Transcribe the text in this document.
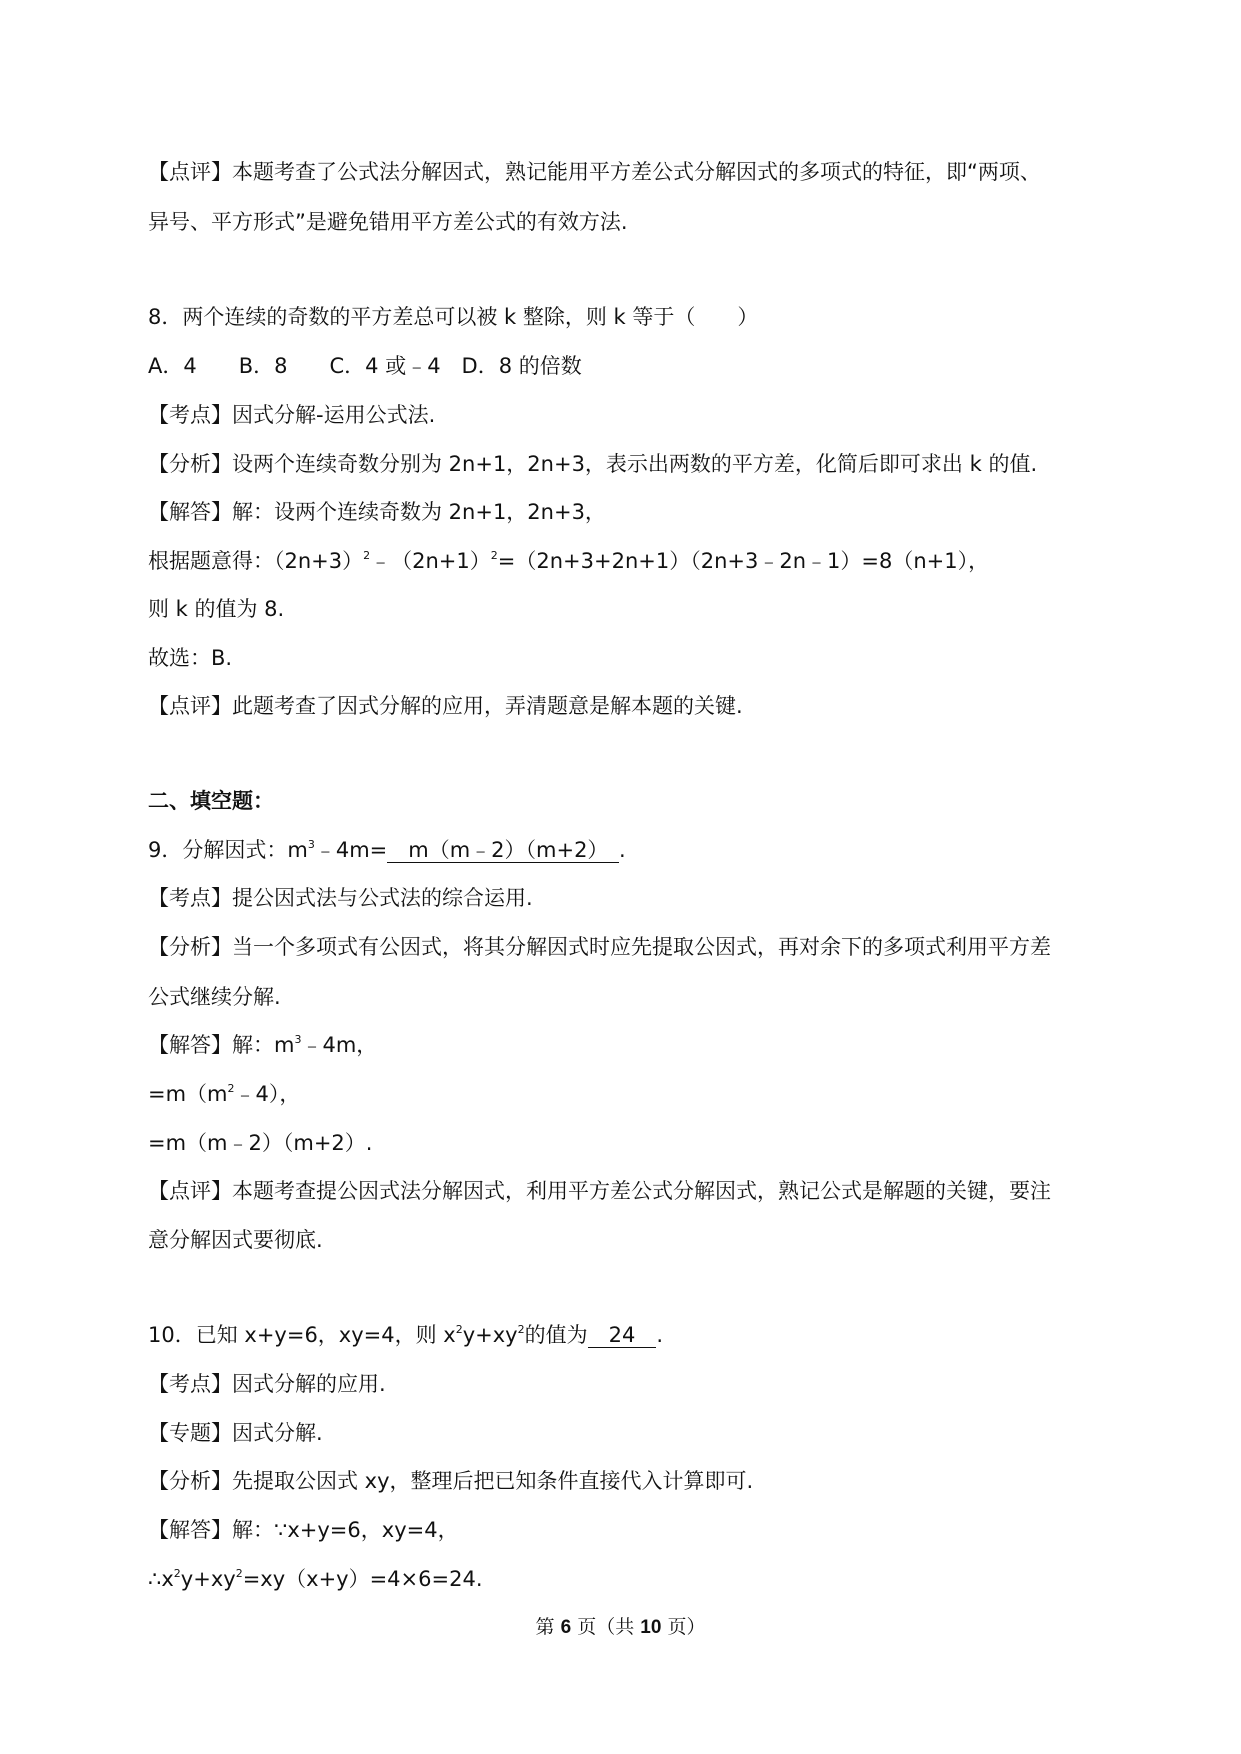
【点评】本题考查了公式法分解因式，熟记能用平方差公式分解因式的多项式的特征，即“两项、
异号、平方形式”是避免错用平方差公式的有效方法.
8．两个连续的奇数的平方差总可以被 k 整除，则 k 等于（　　）
A．4　　B．8　　C．4 或﹣4　D．8 的倍数
【考点】因式分解-运用公式法.
【分析】设两个连续奇数分别为 2n+1，2n+3，表示出两数的平方差，化简后即可求出 k 的值.
【解答】解：设两个连续奇数为 2n+1，2n+3，
根据题意得：$(2n+3)^2﹣(2n+1)^2=(2n+3+2n+1)(2n+3﹣2n﹣1)=8(n+1)$，
则 k 的值为 8.
故选：B.
【点评】此题考查了因式分解的应用，弄清题意是解本题的关键.
二、填空题：
9．分解因式：$m^3﹣4m=$　m（m﹣2）（m+2）　.
【考点】提公因式法与公式法的综合运用.
【分析】当一个多项式有公因式，将其分解因式时应先提取公因式，再对余下的多项式利用平方差
公式继续分解.
【解答】解：$m^3﹣4m$，
$=m(m^2﹣4)$，
=m（m﹣2）（m+2）.
【点评】本题考查提公因式法分解因式，利用平方差公式分解因式，熟记公式是解题的关键，要注
意分解因式要彻底.
10．已知 x+y=6，xy=4，则 $x^2y+xy^2$的值为　24　.
【考点】因式分解的应用.
【专题】因式分解.
【分析】先提取公因式 xy，整理后把已知条件直接代入计算即可.
【解答】解：∵x+y=6，xy=4，
$\therefore x^2y+xy^2=xy(x+y)=4\times 6=24$.
第 6 页（共 10 页）
